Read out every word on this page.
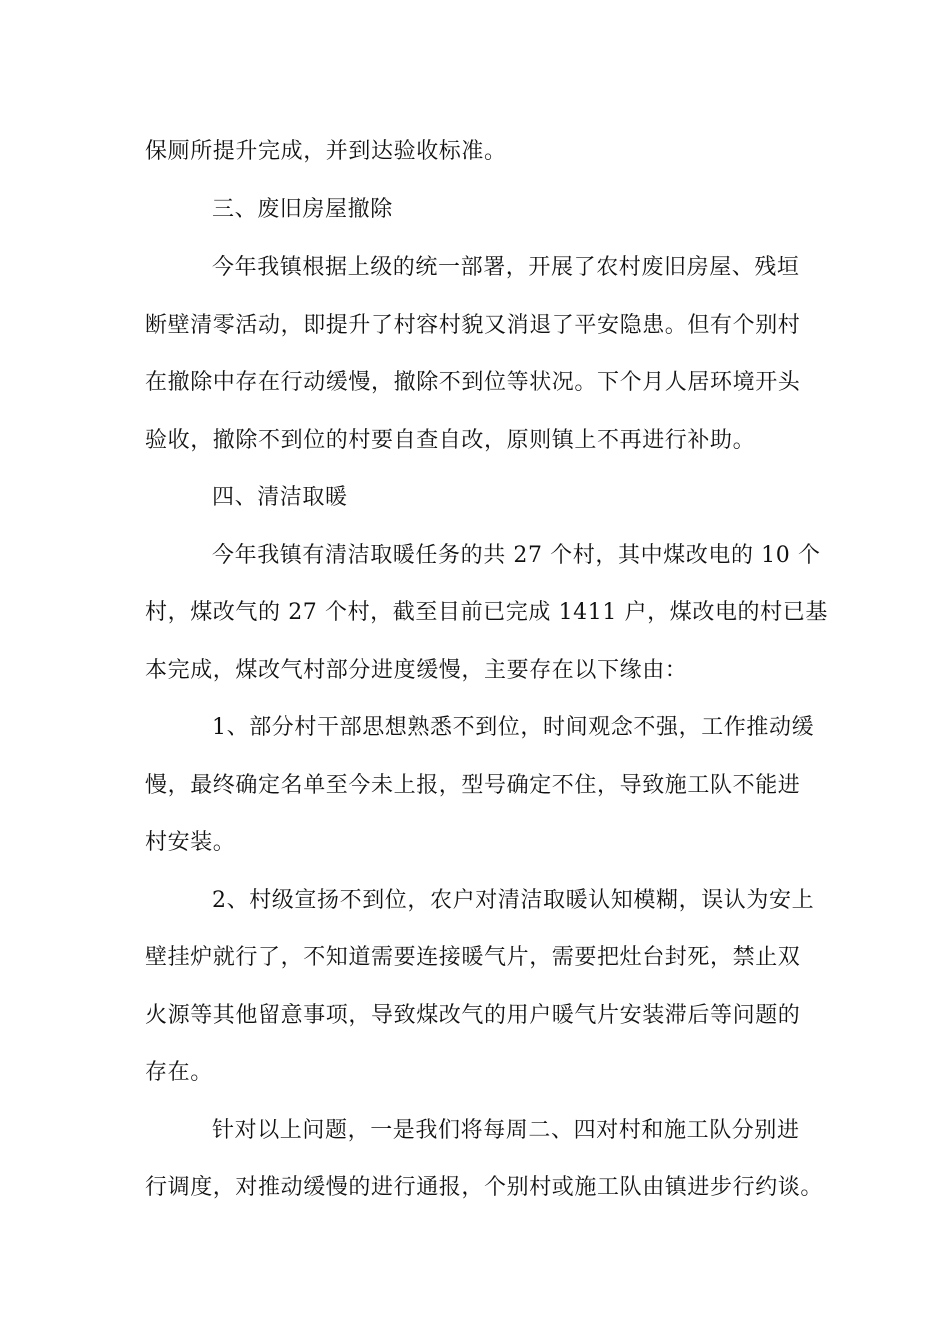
保厕所提升完成，并到达验收标准。
三、废旧房屋撤除
今年我镇根据上级的统一部署，开展了农村废旧房屋、残垣
断壁清零活动，即提升了村容村貌又消退了平安隐患。但有个别村
在撤除中存在行动缓慢，撤除不到位等状况。下个月人居环境开头
验收，撤除不到位的村要自查自改，原则镇上不再进行补助。
四、清洁取暖
今年我镇有清洁取暖任务的共 27 个村，其中煤改电的 10 个
村，煤改气的 27 个村，截至目前已完成 1411 户，煤改电的村已基
本完成，煤改气村部分进度缓慢，主要存在以下缘由：
1、部分村干部思想熟悉不到位，时间观念不强，工作推动缓
慢，最终确定名单至今未上报，型号确定不住，导致施工队不能进
村安装。
2、村级宣扬不到位，农户对清洁取暖认知模糊，误认为安上
壁挂炉就行了，不知道需要连接暖气片，需要把灶台封死，禁止双
火源等其他留意事项，导致煤改气的用户暖气片安装滞后等问题的
存在。
针对以上问题，一是我们将每周二、四对村和施工队分别进
行调度，对推动缓慢的进行通报，个别村或施工队由镇进步行约谈。
